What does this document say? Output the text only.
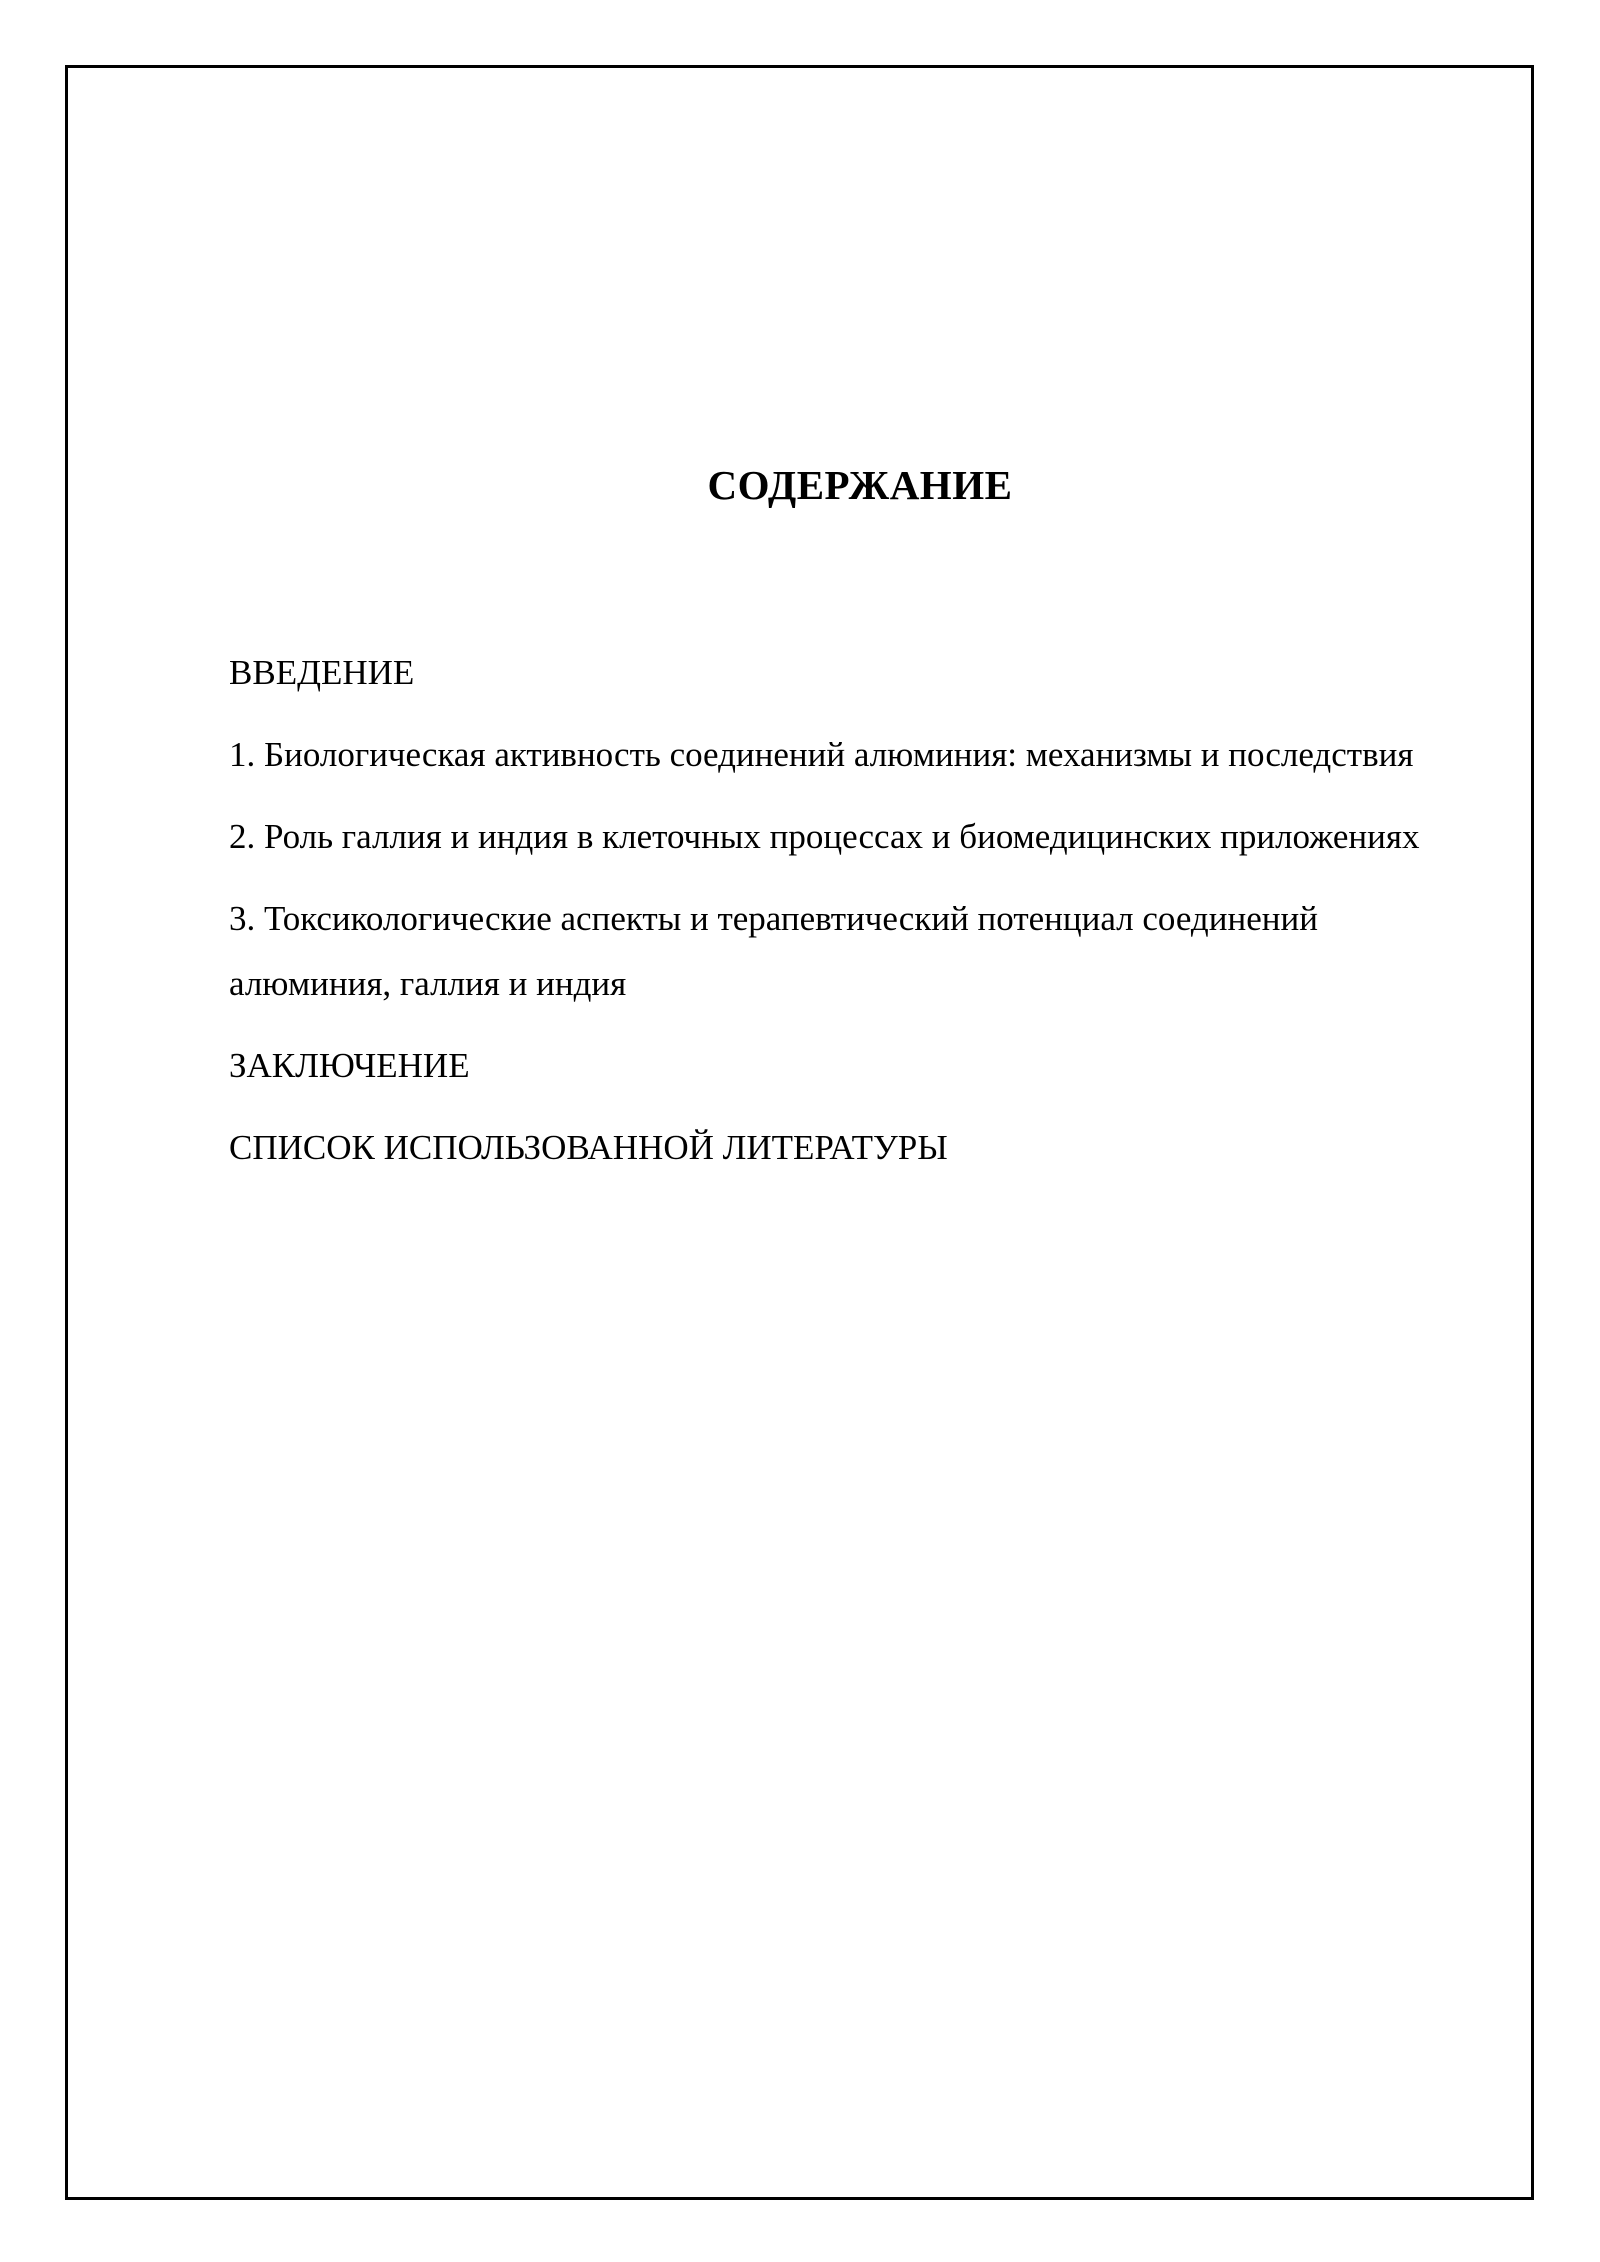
СОДЕРЖАНИЕ
ВВЕДЕНИЕ
1. Биологическая активность соединений алюминия: механизмы и последствия
2. Роль галлия и индия в клеточных процессах и биомедицинских приложениях
3. Токсикологические аспекты и терапевтический потенциал соединений алюминия, галлия и индия
ЗАКЛЮЧЕНИЕ
СПИСОК ИСПОЛЬЗОВАННОЙ ЛИТЕРАТУРЫ
